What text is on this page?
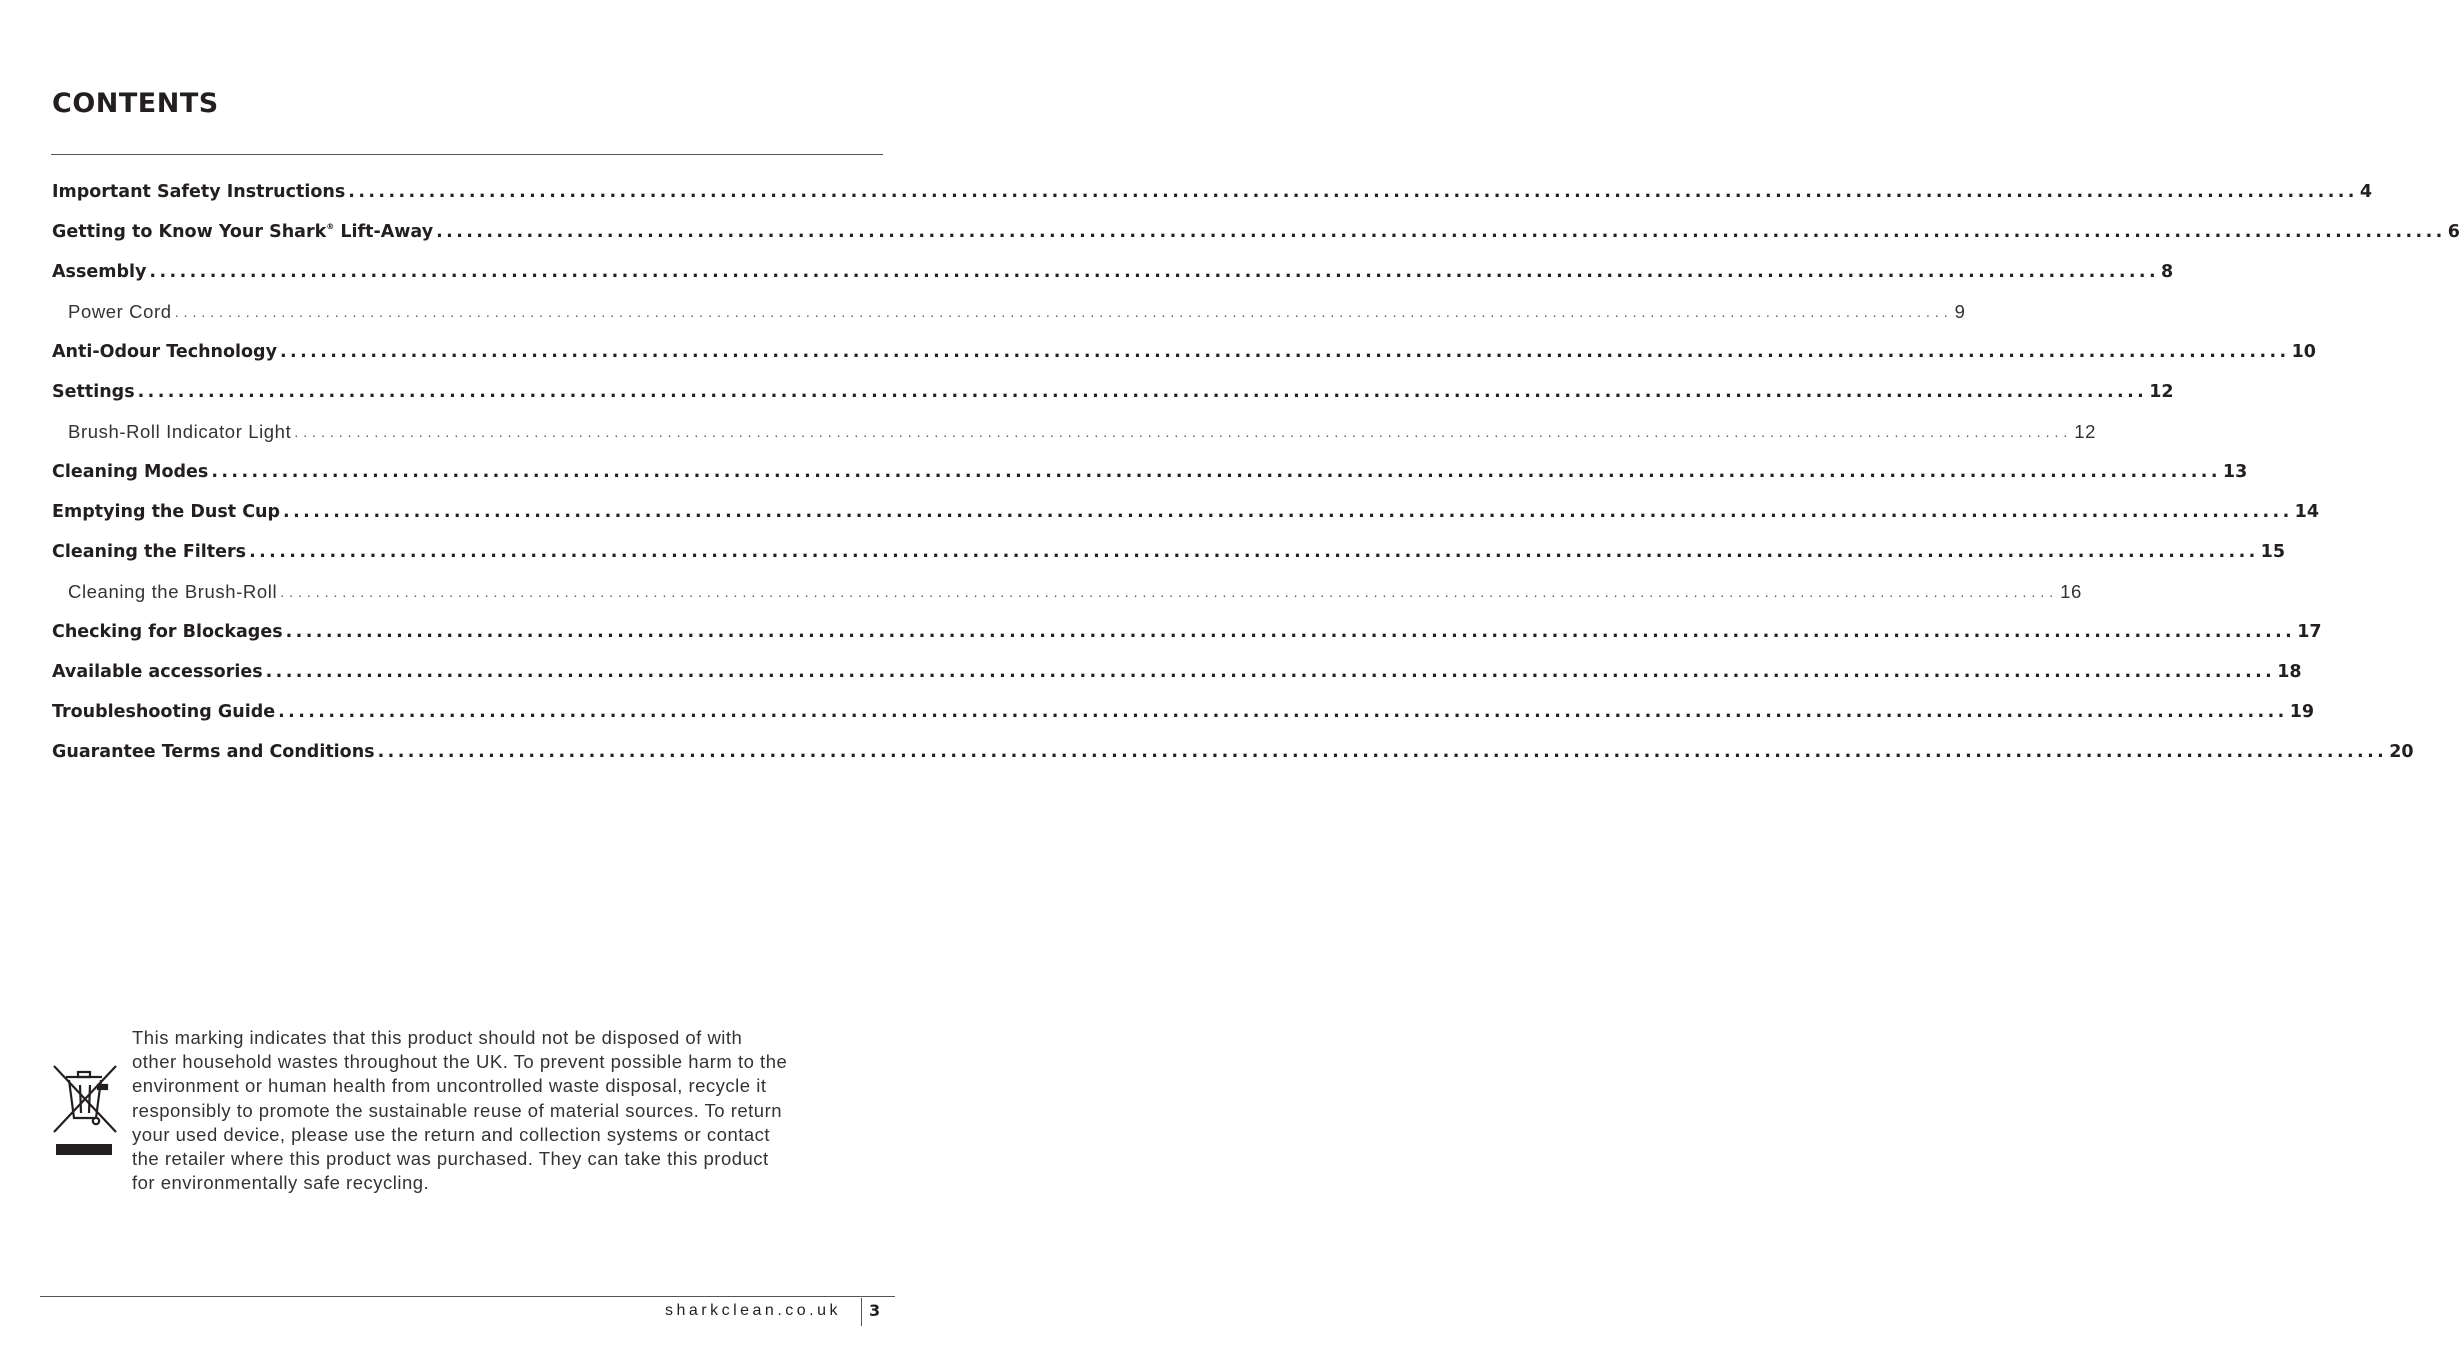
CONTENTS
Important Safety Instructions ........................................................................................................................................................................................................ 4
Getting to Know Your Shark® Lift-Away ........................................................................................................................................................................................................ 6
Assembly ........................................................................................................................................................................................................ 8
Power Cord ........................................................................................................................................................................................................ 9
Anti-Odour Technology ........................................................................................................................................................................................................ 10
Settings ........................................................................................................................................................................................................ 12
Brush-Roll Indicator Light ........................................................................................................................................................................................................ 12
Cleaning Modes ........................................................................................................................................................................................................ 13
Emptying the Dust Cup ........................................................................................................................................................................................................ 14
Cleaning the Filters ........................................................................................................................................................................................................ 15
Cleaning the Brush-Roll ........................................................................................................................................................................................................ 16
Checking for Blockages ........................................................................................................................................................................................................ 17
Available accessories ........................................................................................................................................................................................................ 18
Troubleshooting Guide ........................................................................................................................................................................................................ 19
Guarantee Terms and Conditions ........................................................................................................................................................................................................ 20
This marking indicates that this product should not be disposed of with
other household wastes throughout the UK. To prevent possible harm to the
environment or human health from uncontrolled waste disposal, recycle it
responsibly to promote the sustainable reuse of material sources. To return
your used device, please use the return and collection systems or contact
the retailer where this product was purchased. They can take this product
for environmentally safe recycling.
sharkclean.co.uk 3
